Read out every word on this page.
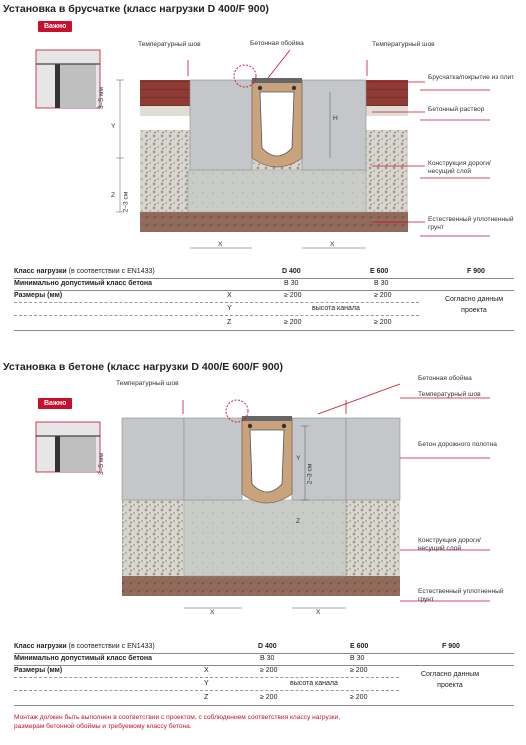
Установка в брусчатке (класс нагрузки D 400/F 900)
Важно
Температурный шов	Бетонная обойма	Температурный шов
Брусчатка/покрытие из плит
Бетонный раствор
Конструкция дороги/ несущий слой
Естественный уплотненный грунт
3–5 мм
Y
Z 2–3 см
H
X	X
Класс нагрузки (в соответствии с EN1433)	D 400	E 600	F 900
Минимально допустимый класс бетона	B 30	B 30
Размеры (мм)	X	≥ 200	≥ 200
Согласно данным проекта
Y	высота канала
Z	≥ 200	≥ 200
Установка в бетоне (класс нагрузки D 400/E 600/F 900)
Важно
Температурный шов
Бетонная обойма
Температурный шов
Бетон дорожного полотна
Конструкция дороги/ несущий слой
Естественный уплотненный грунт
3–5 мм	Y
Z
2–3 см
X	X
Класс нагрузки (в соответствии с EN1433)	D 400	E 600	F 900
Минимально допустимый класс бетона	B 30	B 30
Размеры (мм)	X	≥ 200	≥ 200
Согласно данным проекта
Y	высота канала
Z	≥ 200	≥ 200
Монтаж должен быть выполнен в соответствии с проектом, с соблюдением соответствия классу нагрузки, размерам бетонной обоймы и требуемому классу бетона.
